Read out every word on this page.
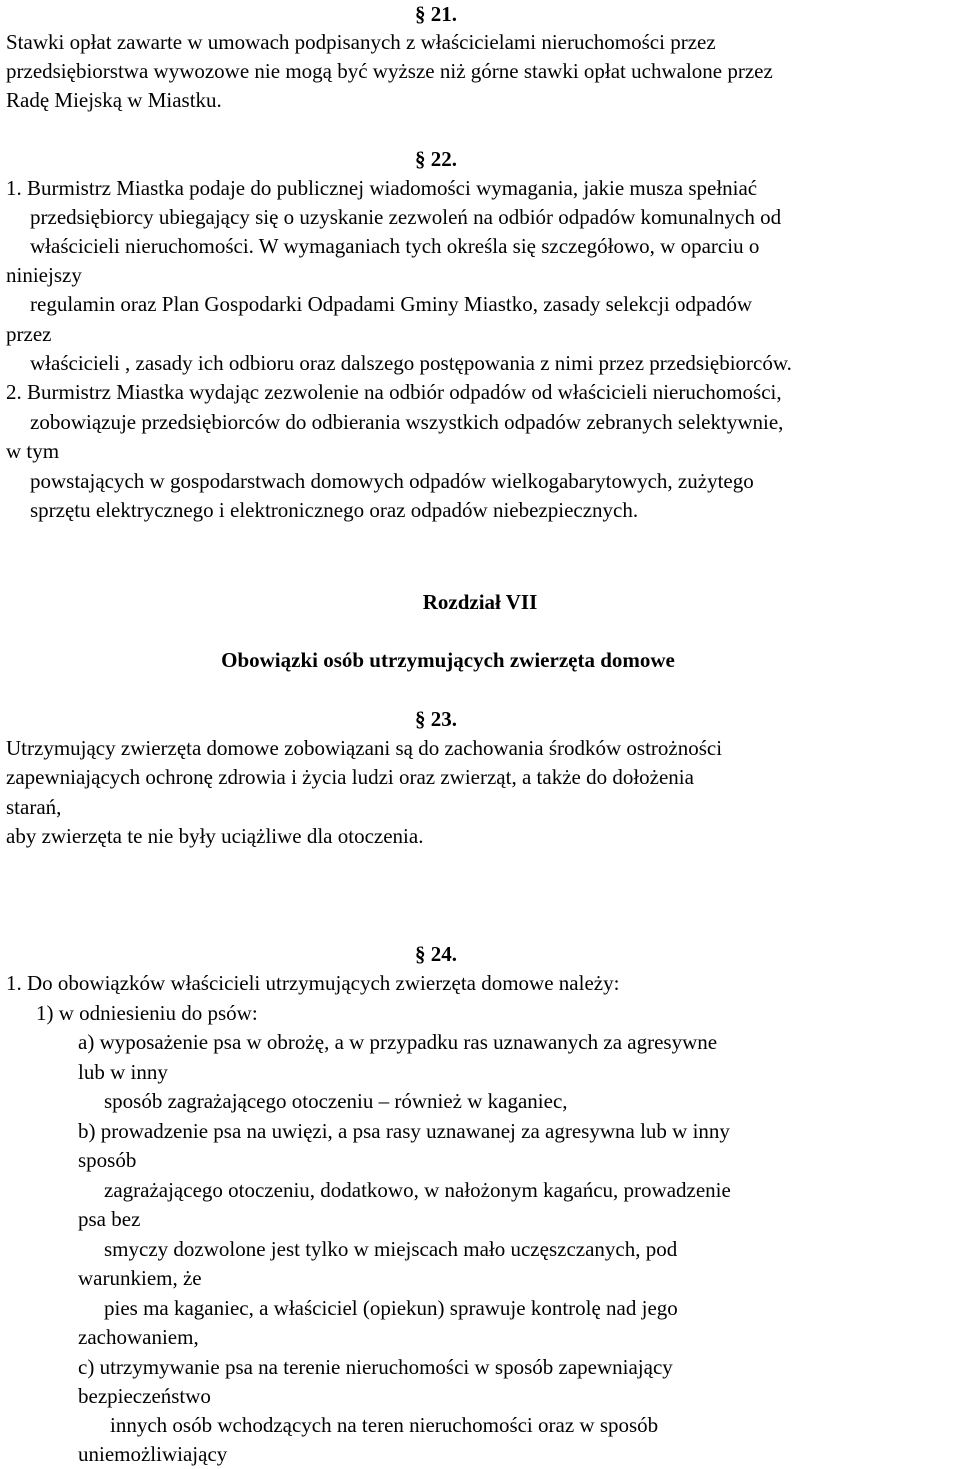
§ 21.
Stawki opłat zawarte w umowach podpisanych z właścicielami nieruchomości przez
przedsiębiorstwa wywozowe nie mogą być wyższe niż górne stawki opłat uchwalone przez
Radę Miejską w Miastku.
§ 22.
1. Burmistrz Miastka podaje do publicznej wiadomości wymagania, jakie musza spełniać
przedsiębiorcy ubiegający się o uzyskanie zezwoleń na odbiór odpadów komunalnych od
właścicieli nieruchomości. W wymaganiach tych określa się szczegółowo, w oparciu o
niniejszy
regulamin oraz Plan Gospodarki Odpadami Gminy Miastko, zasady selekcji odpadów
przez
właścicieli , zasady ich odbioru oraz dalszego postępowania z nimi przez przedsiębiorców.
2. Burmistrz Miastka wydając zezwolenie na odbiór odpadów od właścicieli nieruchomości,
zobowiązuje przedsiębiorców do odbierania wszystkich odpadów zebranych selektywnie,
w tym
powstających w gospodarstwach domowych odpadów wielkogabarytowych, zużytego
sprzętu elektrycznego i elektronicznego oraz odpadów niebezpiecznych.
Rozdział VII
Obowiązki osób utrzymujących zwierzęta domowe
§ 23.
Utrzymujący zwierzęta domowe zobowiązani są do zachowania środków ostrożności
zapewniających ochronę zdrowia i życia ludzi oraz zwierząt, a także do dołożenia
starań,
aby zwierzęta te nie były uciążliwe dla otoczenia.
§ 24.
1. Do obowiązków właścicieli utrzymujących zwierzęta domowe należy:
1) w odniesieniu do psów:
a) wyposażenie psa w obrożę, a w przypadku ras uznawanych za agresywne
lub w inny
sposób zagrażającego otoczeniu – również w kaganiec,
b) prowadzenie psa na uwięzi, a psa rasy uznawanej za agresywna lub w inny
sposób
zagrażającego otoczeniu, dodatkowo, w nałożonym kagańcu, prowadzenie
psa bez
smyczy dozwolone jest tylko w miejscach mało uczęszczanych, pod
warunkiem, że
pies ma kaganiec, a właściciel (opiekun) sprawuje kontrolę nad jego
zachowaniem,
c) utrzymywanie psa na terenie nieruchomości w sposób zapewniający
bezpieczeństwo
innych osób wchodzących na teren nieruchomości oraz w sposób
uniemożliwiający
